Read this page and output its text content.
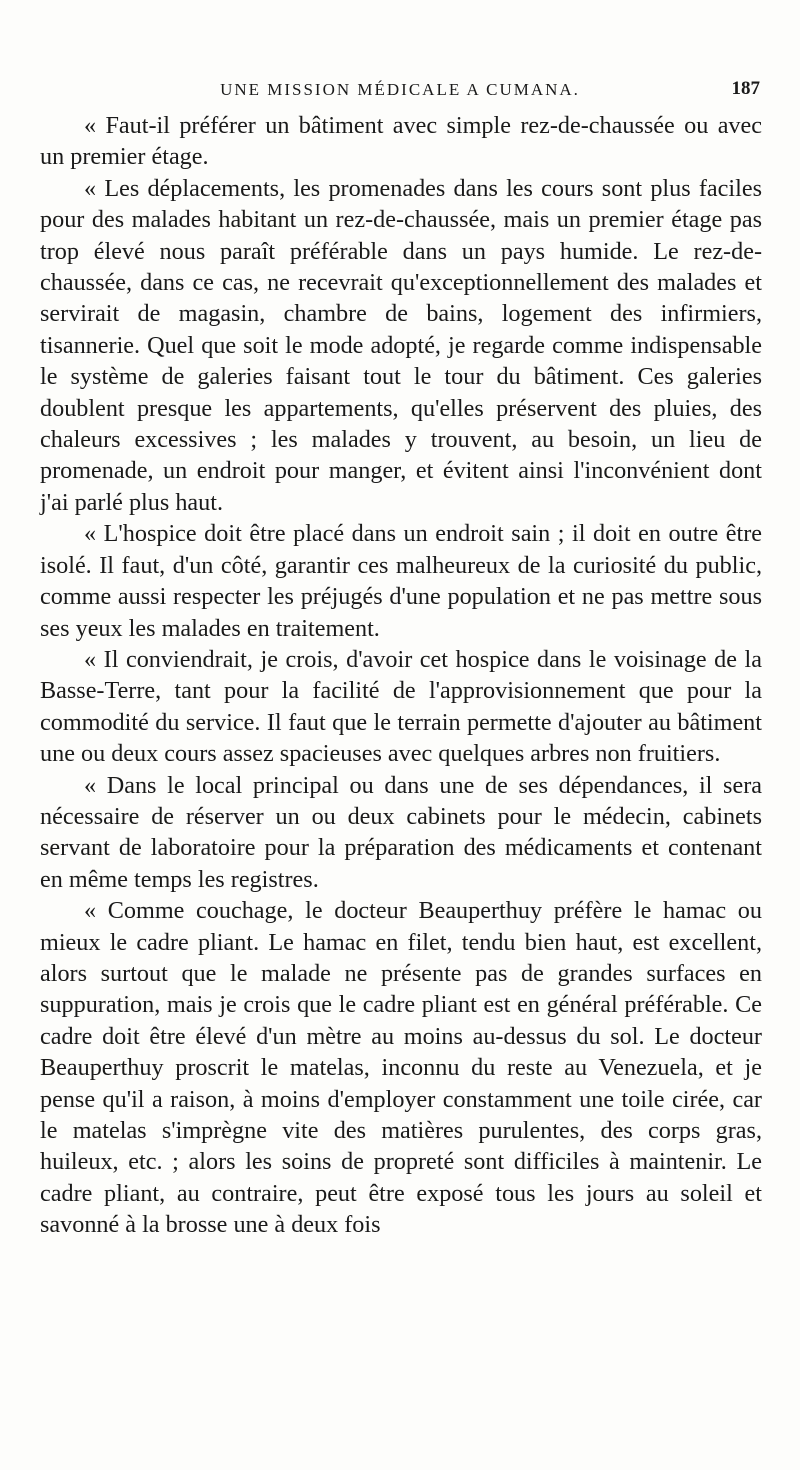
UNE MISSION MÉDICALE A CUMANA.	187

« Faut-il préférer un bâtiment avec simple rez-de-chaussée ou avec un premier étage.

« Les déplacements, les promenades dans les cours sont plus faciles pour des malades habitant un rez-de-chaussée, mais un premier étage pas trop élevé nous paraît préférable dans un pays humide. Le rez-de-chaussée, dans ce cas, ne recevrait qu'exceptionnellement des malades et servirait de magasin, chambre de bains, logement des infirmiers, tisannerie. Quel que soit le mode adopté, je regarde comme indispensable le système de galeries faisant tout le tour du bâtiment. Ces galeries doublent presque les appartements, qu'elles préservent des pluies, des chaleurs excessives ; les malades y trouvent, au besoin, un lieu de promenade, un endroit pour manger, et évitent ainsi l'inconvénient dont j'ai parlé plus haut.

« L'hospice doit être placé dans un endroit sain ; il doit en outre être isolé. Il faut, d'un côté, garantir ces malheureux de la curiosité du public, comme aussi respecter les préjugés d'une population et ne pas mettre sous ses yeux les malades en traitement.

« Il conviendrait, je crois, d'avoir cet hospice dans le voisinage de la Basse-Terre, tant pour la facilité de l'approvisionnement que pour la commodité du service. Il faut que le terrain permette d'ajouter au bâtiment une ou deux cours assez spacieuses avec quelques arbres non fruitiers.

« Dans le local principal ou dans une de ses dépendances, il sera nécessaire de réserver un ou deux cabinets pour le médecin, cabinets servant de laboratoire pour la préparation des médicaments et contenant en même temps les registres.

« Comme couchage, le docteur Beauperthuy préfère le hamac ou mieux le cadre pliant. Le hamac en filet, tendu bien haut, est excellent, alors surtout que le malade ne présente pas de grandes surfaces en suppuration, mais je crois que le cadre pliant est en général préférable. Ce cadre doit être élevé d'un mètre au moins au-dessus du sol. Le docteur Beauperthuy proscrit le matelas, inconnu du reste au Venezuela, et je pense qu'il a raison, à moins d'employer constamment une toile cirée, car le matelas s'imprègne vite des matières purulentes, des corps gras, huileux, etc. ; alors les soins de propreté sont difficiles à maintenir. Le cadre pliant, au contraire, peut être exposé tous les jours au soleil et savonné à la brosse une à deux fois
